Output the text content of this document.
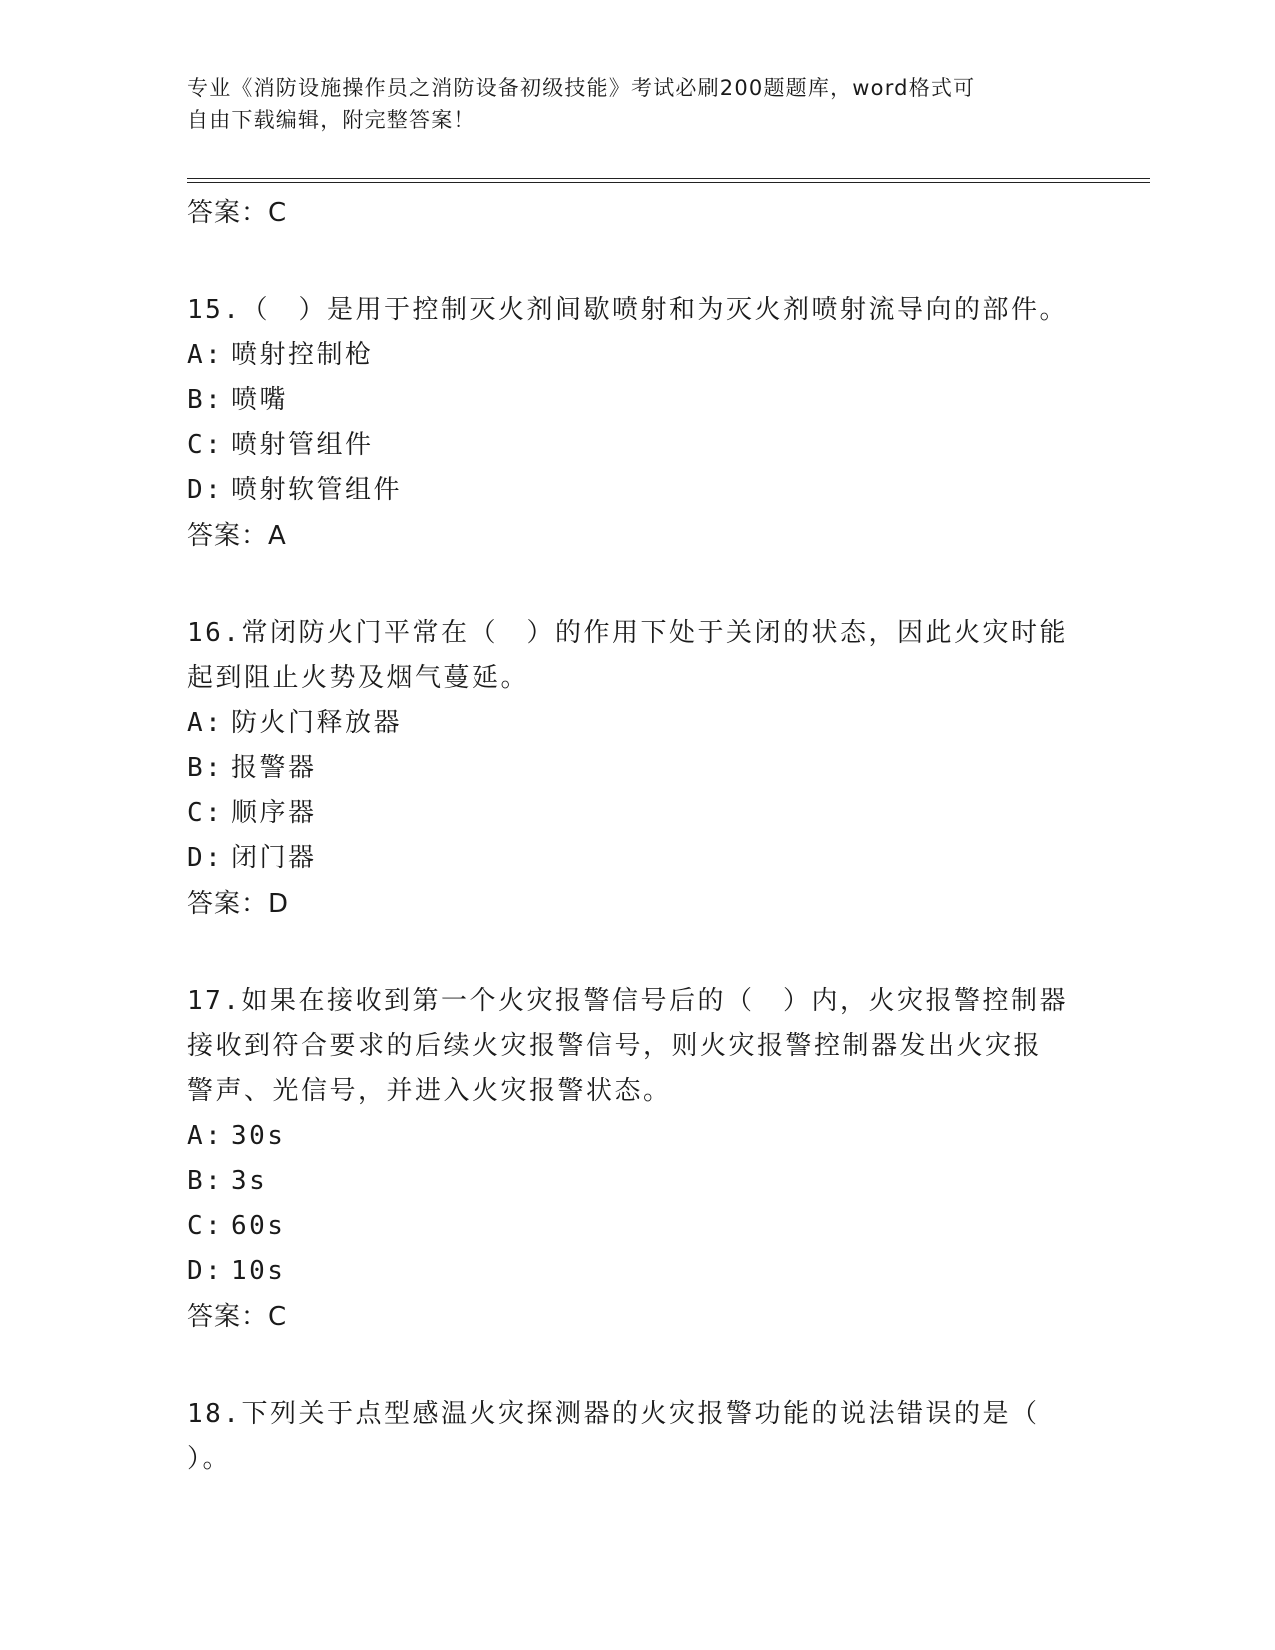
专业《消防设施操作员之消防设备初级技能》考试必刷200题题库，word格式可
自由下载编辑，附完整答案！

答案：C

15.（　）是用于控制灭火剂间歇喷射和为灭火剂喷射流导向的部件。

A: 喷射控制枪

B: 喷嘴

C: 喷射管组件

D: 喷射软管组件

答案：A

16.常闭防火门平常在（　）的作用下处于关闭的状态，因此火灾时能

起到阻止火势及烟气蔓延。

A: 防火门释放器

B: 报警器

C: 顺序器

D: 闭门器

答案：D

17.如果在接收到第一个火灾报警信号后的（　）内，火灾报警控制器

接收到符合要求的后续火灾报警信号，则火灾报警控制器发出火灾报

警声、光信号，并进入火灾报警状态。

A: 30s

B: 3s

C: 60s

D: 10s

答案：C

18.下列关于点型感温火灾探测器的火灾报警功能的说法错误的是（

）。
